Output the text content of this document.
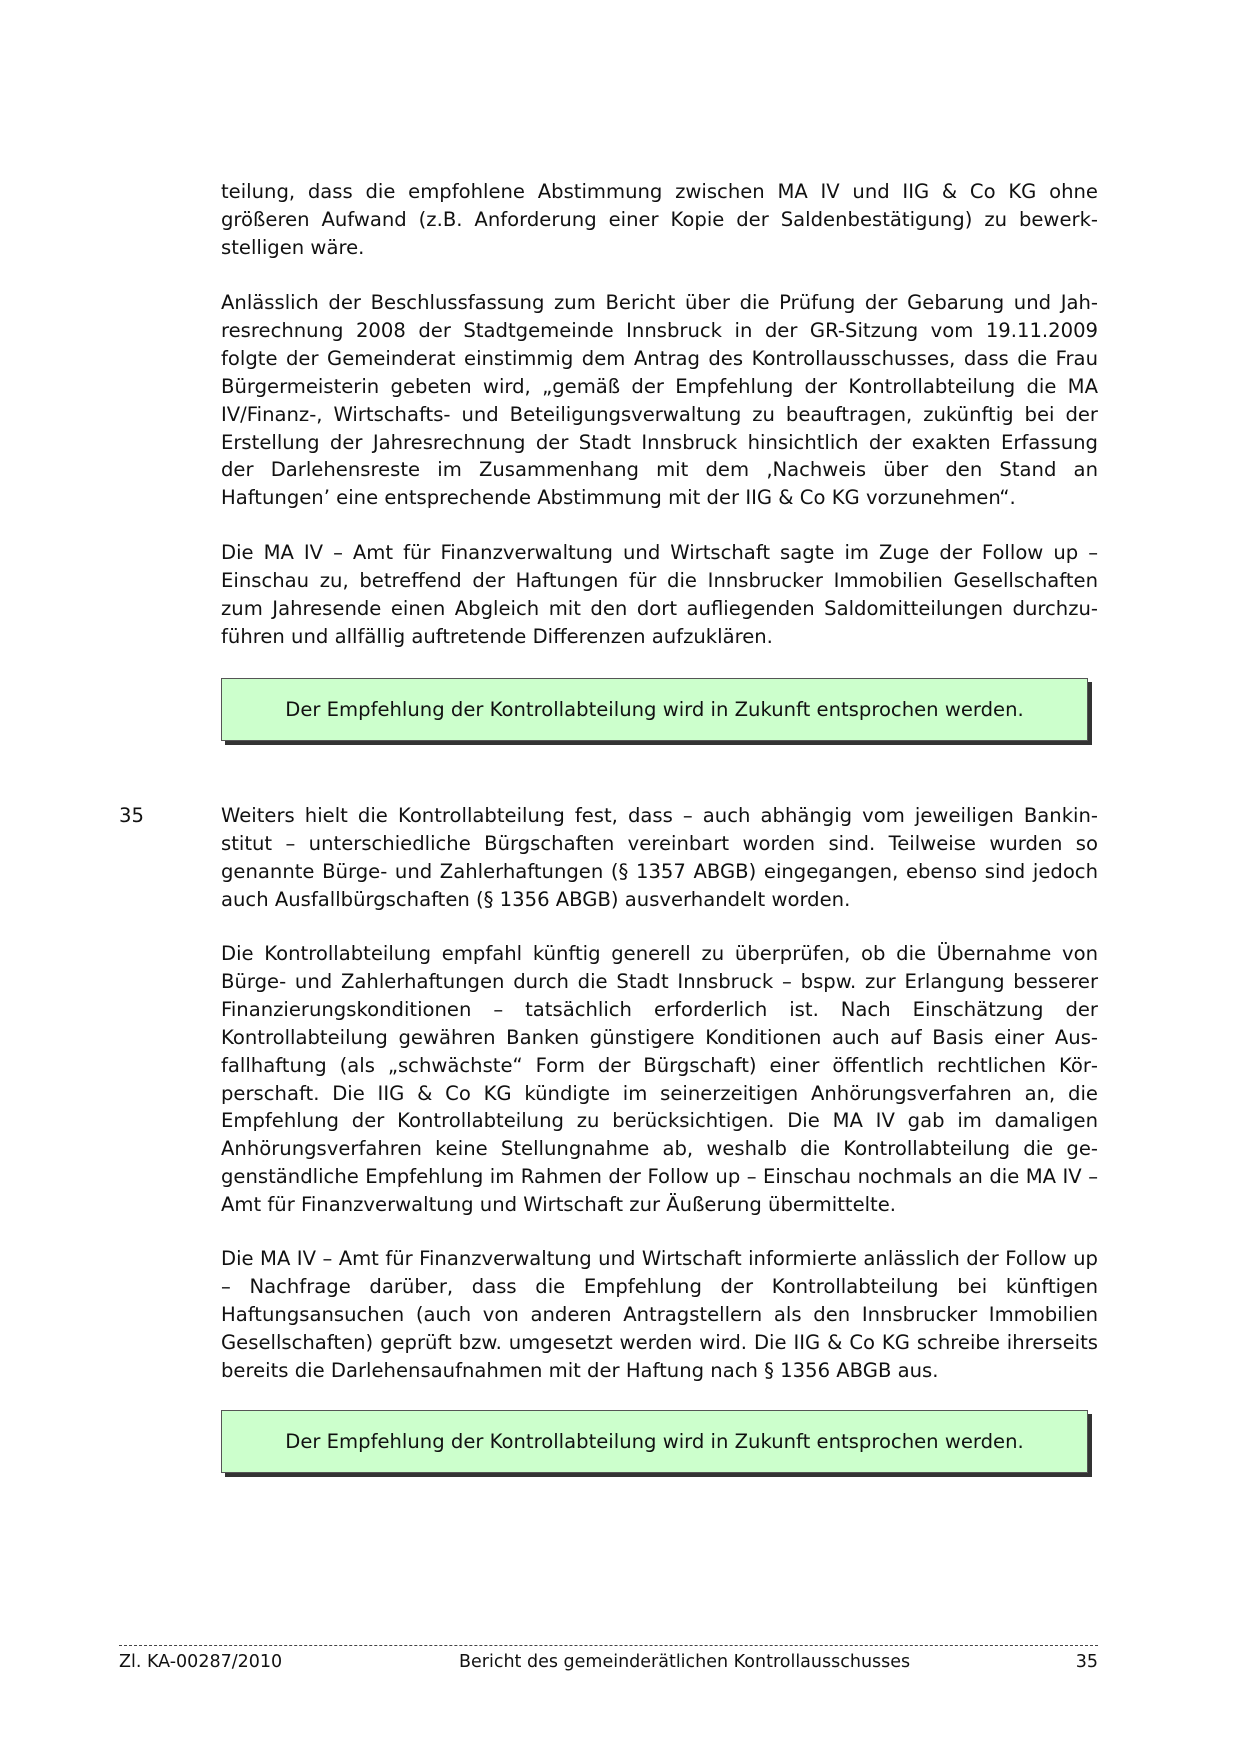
teilung, dass die empfohlene Abstimmung zwischen MA IV und IIG & Co KG ohne größeren Aufwand (z.B. Anforderung einer Kopie der Saldenbestätigung) zu bewerkstelligen wäre.

Anlässlich der Beschlussfassung zum Bericht über die Prüfung der Gebarung und Jahresrechnung 2008 der Stadtgemeinde Innsbruck in der GR-Sitzung vom 19.11.2009 folgte der Gemeinderat einstimmig dem Antrag des Kontrollausschusses, dass die Frau Bürgermeisterin gebeten wird, „gemäß der Empfehlung der Kontrollabteilung die MA IV/Finanz-, Wirtschafts- und Beteiligungsverwaltung zu beauftragen, zukünftig bei der Erstellung der Jahresrechnung der Stadt Innsbruck hinsichtlich der exakten Erfassung der Darlehensreste im Zusammenhang mit dem ‚Nachweis über den Stand an Haftungen’ eine entsprechende Abstimmung mit der IIG & Co KG vorzunehmen“.

Die MA IV – Amt für Finanzverwaltung und Wirtschaft sagte im Zuge der Follow up – Einschau zu, betreffend der Haftungen für die Innsbrucker Immobilien Gesellschaften zum Jahresende einen Abgleich mit den dort aufliegenden Saldomitteilungen durchzuführen und allfällig auftretende Differenzen aufzuklären.

Der Empfehlung der Kontrollabteilung wird in Zukunft entsprochen werden.

35	Weiters hielt die Kontrollabteilung fest, dass – auch abhängig vom jeweiligen Bankinstitut – unterschiedliche Bürgschaften vereinbart worden sind. Teilweise wurden so genannte Bürge- und Zahlerhaftungen (§ 1357 ABGB) eingegangen, ebenso sind jedoch auch Ausfallbürgschaften (§ 1356 ABGB) ausverhandelt worden.

Die Kontrollabteilung empfahl künftig generell zu überprüfen, ob die Übernahme von Bürge- und Zahlerhaftungen durch die Stadt Innsbruck – bspw. zur Erlangung besserer Finanzierungskonditionen – tatsächlich erforderlich ist. Nach Einschätzung der Kontrollabteilung gewähren Banken günstigere Konditionen auch auf Basis einer Ausfallhaftung (als „schwächste“ Form der Bürgschaft) einer öffentlich rechtlichen Körperschaft. Die IIG & Co KG kündigte im seinerzeitigen Anhörungsverfahren an, die Empfehlung der Kontrollabteilung zu berücksichtigen. Die MA IV gab im damaligen Anhörungsverfahren keine Stellungnahme ab, weshalb die Kontrollabteilung die gegenständliche Empfehlung im Rahmen der Follow up – Einschau nochmals an die MA IV – Amt für Finanzverwaltung und Wirtschaft zur Äußerung übermittelte.

Die MA IV – Amt für Finanzverwaltung und Wirtschaft informierte anlässlich der Follow up – Nachfrage darüber, dass die Empfehlung der Kontrollabteilung bei künftigen Haftungsansuchen (auch von anderen Antragstellern als den Innsbrucker Immobilien Gesellschaften) geprüft bzw. umgesetzt werden wird. Die IIG & Co KG schreibe ihrerseits bereits die Darlehensaufnahmen mit der Haftung nach § 1356 ABGB aus.

Der Empfehlung der Kontrollabteilung wird in Zukunft entsprochen werden.
Zl. KA-00287/2010	Bericht des gemeinderätlichen Kontrollausschusses	35
